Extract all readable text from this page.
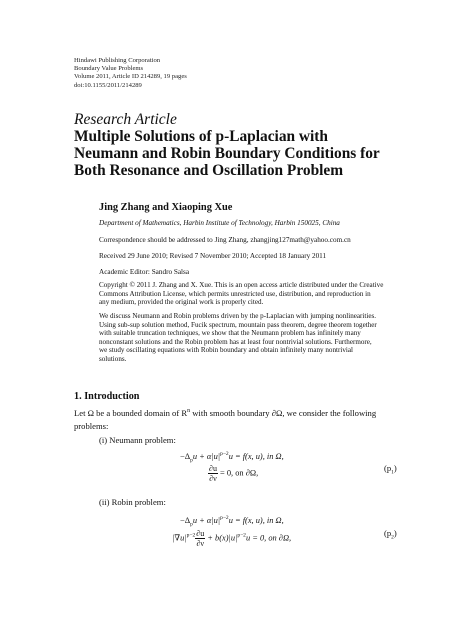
Hindawi Publishing Corporation
Boundary Value Problems
Volume 2011, Article ID 214289, 19 pages
doi:10.1155/2011/214289
Research Article
Multiple Solutions of p-Laplacian with
Neumann and Robin Boundary Conditions for
Both Resonance and Oscillation Problem
Jing Zhang and Xiaoping Xue
Department of Mathematics, Harbin Institute of Technology, Harbin 150025, China
Correspondence should be addressed to Jing Zhang, zhangjing127math@yahoo.com.cn
Received 29 June 2010; Revised 7 November 2010; Accepted 18 January 2011
Academic Editor: Sandro Salsa
Copyright © 2011 J. Zhang and X. Xue. This is an open access article distributed under the Creative
Commons Attribution License, which permits unrestricted use, distribution, and reproduction in
any medium, provided the original work is properly cited.
We discuss Neumann and Robin problems driven by the p-Laplacian with jumping nonlinearities.
Using sub-sup solution method, Fucik spectrum, mountain pass theorem, degree theorem together
with suitable truncation techniques, we show that the Neumann problem has infinitely many
nonconstant solutions and the Robin problem has at least four nontrivial solutions. Furthermore,
we study oscillating equations with Robin boundary and obtain infinitely many nontrivial
solutions.
1. Introduction
Let Ω be a bounded domain of $R^n$ with smooth boundary ∂Ω, we consider the following
problems:
(i) Neumann problem:
$-\Delta_pu + \alpha|u|^{p-2}u = f(x$, u), in Ω,
$\frac{\partial u}{\partial\nu} = 0$, on ∂Ω,	$(p_1)$
(ii) Robin problem:
$-\Delta_pu + \alpha|u|^{p-2}u = f(x$, u), in Ω,
$|\nabla u|^{p-2} \frac{\partial u}{\partial\nu} + b(x)|u|^{p-2}u = 0$, on ∂Ω,	$(p_2)$
